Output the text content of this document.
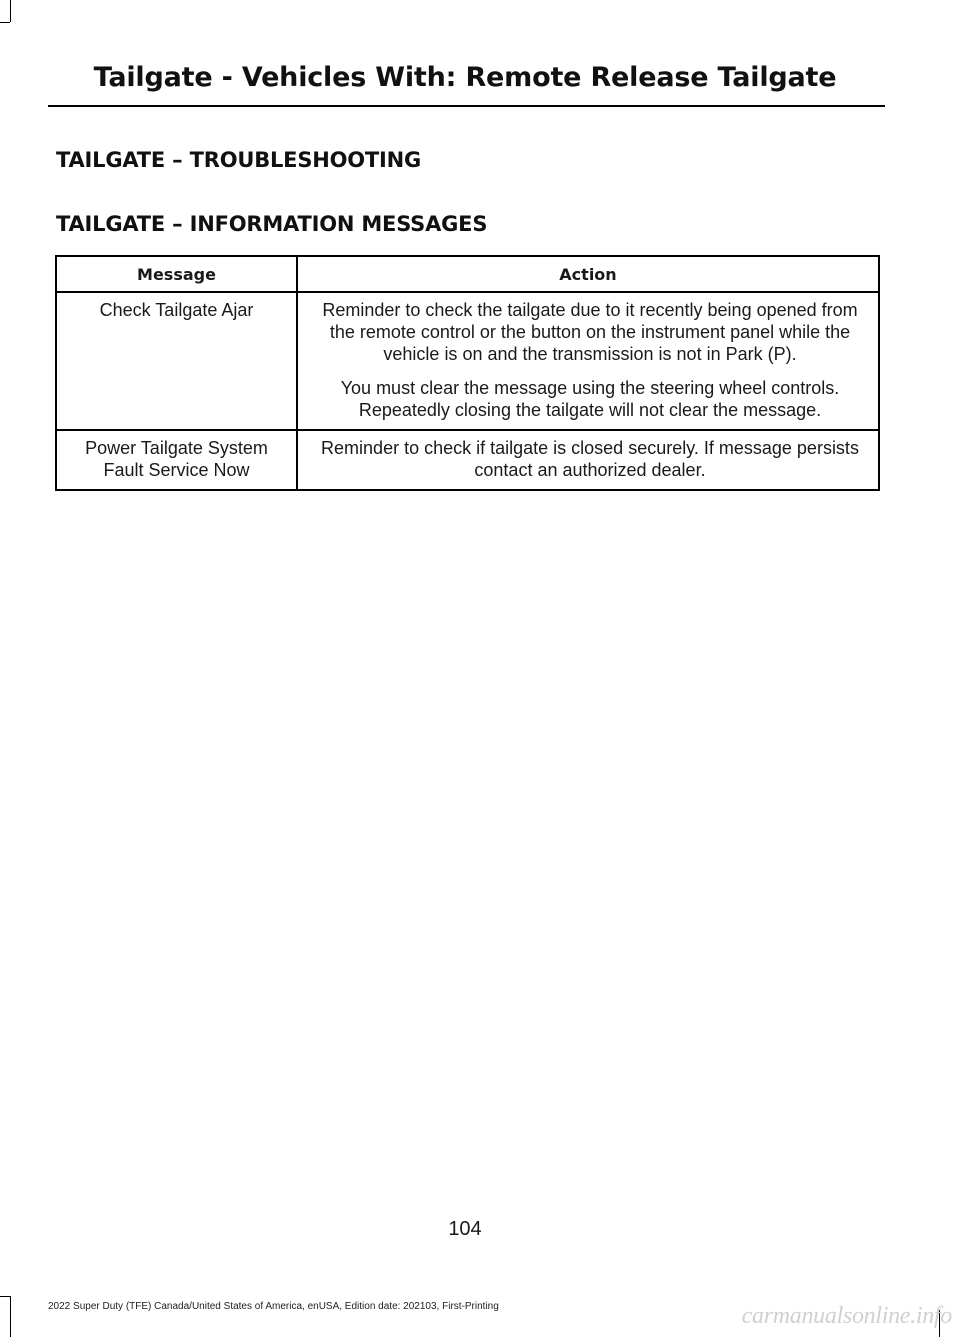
Tailgate - Vehicles With: Remote Release Tailgate
TAILGATE – TROUBLESHOOTING
TAILGATE – INFORMATION MESSAGES
Message	Action
Check Tailgate Ajar	Reminder to check the tailgate due to it recently being opened from the remote control or the button on the instrument panel while the vehicle is on and the transmission is not in Park (P).

You must clear the message using the steering wheel controls. Repeatedly closing the tailgate will not clear the message.

Power Tailgate System Fault Service Now	Reminder to check if tailgate is closed securely. If message persists contact an authorized dealer.

104
2022 Super Duty (TFE) Canada/United States of America, enUSA, Edition date: 202103, First-Printing	carmanualsonline.info
